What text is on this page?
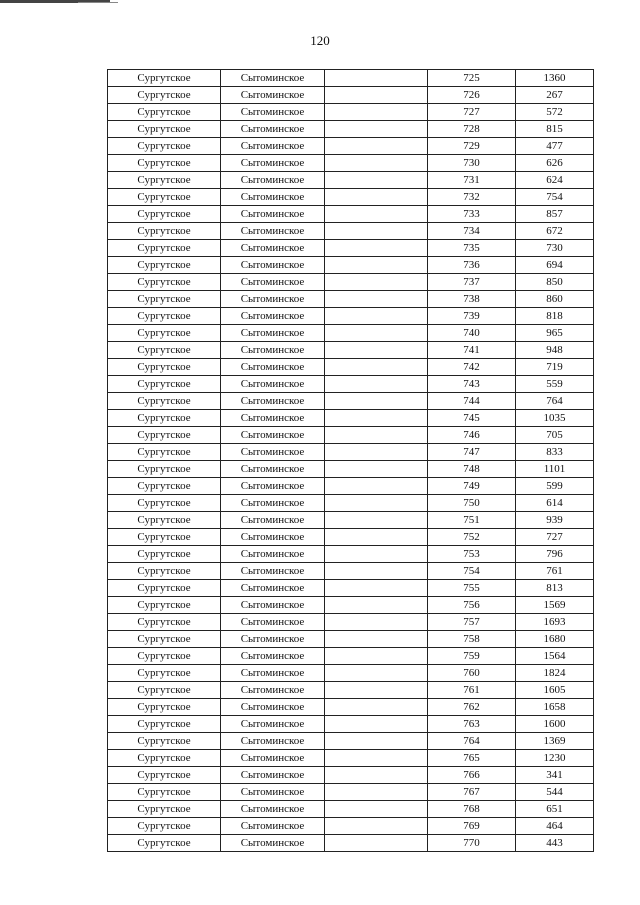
120
Сургутское	Сытоминское		725	1360
Сургутское	Сытоминское		726	267
Сургутское	Сытоминское		727	572
Сургутское	Сытоминское		728	815
Сургутское	Сытоминское		729	477
Сургутское	Сытоминское		730	626
Сургутское	Сытоминское		731	624
Сургутское	Сытоминское		732	754
Сургутское	Сытоминское		733	857
Сургутское	Сытоминское		734	672
Сургутское	Сытоминское		735	730
Сургутское	Сытоминское		736	694
Сургутское	Сытоминское		737	850
Сургутское	Сытоминское		738	860
Сургутское	Сытоминское		739	818
Сургутское	Сытоминское		740	965
Сургутское	Сытоминское		741	948
Сургутское	Сытоминское		742	719
Сургутское	Сытоминское		743	559
Сургутское	Сытоминское		744	764
Сургутское	Сытоминское		745	1035
Сургутское	Сытоминское		746	705
Сургутское	Сытоминское		747	833
Сургутское	Сытоминское		748	1101
Сургутское	Сытоминское		749	599
Сургутское	Сытоминское		750	614
Сургутское	Сытоминское		751	939
Сургутское	Сытоминское		752	727
Сургутское	Сытоминское		753	796
Сургутское	Сытоминское		754	761
Сургутское	Сытоминское		755	813
Сургутское	Сытоминское		756	1569
Сургутское	Сытоминское		757	1693
Сургутское	Сытоминское		758	1680
Сургутское	Сытоминское		759	1564
Сургутское	Сытоминское		760	1824
Сургутское	Сытоминское		761	1605
Сургутское	Сытоминское		762	1658
Сургутское	Сытоминское		763	1600
Сургутское	Сытоминское		764	1369
Сургутское	Сытоминское		765	1230
Сургутское	Сытоминское		766	341
Сургутское	Сытоминское		767	544
Сургутское	Сытоминское		768	651
Сургутское	Сытоминское		769	464
Сургутское	Сытоминское		770	443
